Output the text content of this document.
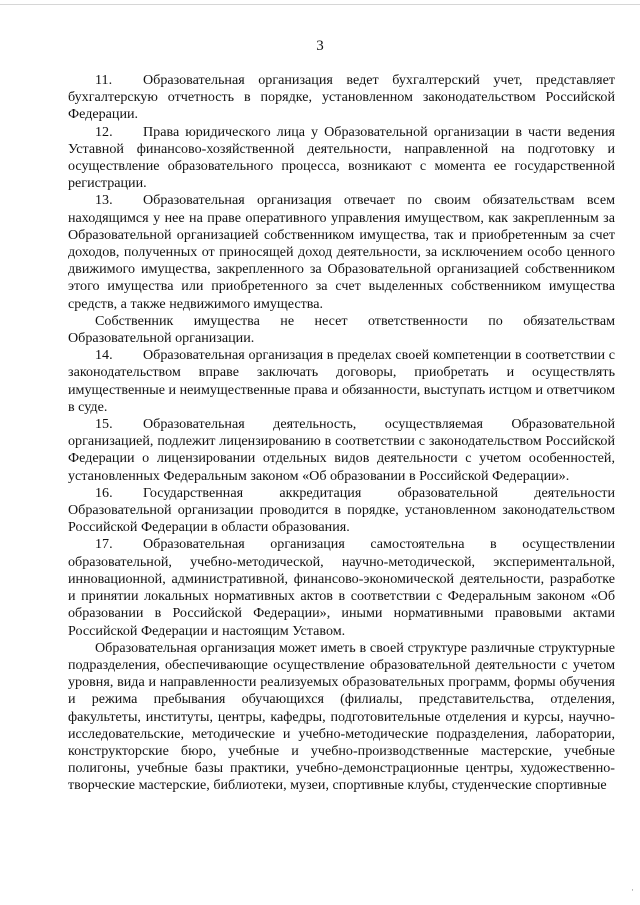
3

11. Образовательная организация ведет бухгалтерский учет, представляет бухгалтерскую отчетность в порядке, установленном законодательством Российской Федерации.

12. Права юридического лица у Образовательной организации в части ведения Уставной финансово-хозяйственной деятельности, направленной на подготовку и осуществление образовательного процесса, возникают с момента ее государственной регистрации.

13. Образовательная организация отвечает по своим обязательствам всем находящимся у нее на праве оперативного управления имуществом, как закрепленным за Образовательной организацией собственником имущества, так и приобретенным за счет доходов, полученных от приносящей доход деятельности, за исключением особо ценного движимого имущества, закрепленного за Образовательной организацией собственником этого имущества или приобретенного за счет выделенных собственником имущества средств, а также недвижимого имущества.

Собственник имущества не несет ответственности по обязательствам Образовательной организации.

14. Образовательная организация в пределах своей компетенции в соответствии с законодательством вправе заключать договоры, приобретать и осуществлять имущественные и неимущественные права и обязанности, выступать истцом и ответчиком в суде.

15. Образовательная деятельность, осуществляемая Образовательной организацией, подлежит лицензированию в соответствии с законодательством Российской Федерации о лицензировании отдельных видов деятельности с учетом особенностей, установленных Федеральным законом «Об образовании в Российской Федерации».

16. Государственная аккредитация образовательной деятельности Образовательной организации проводится в порядке, установленном законодательством Российской Федерации в области образования.

17. Образовательная организация самостоятельна в осуществлении образовательной, учебно-методической, научно-методической, экспериментальной, инновационной, административной, финансово-экономической деятельности, разработке и принятии локальных нормативных актов в соответствии с Федеральным законом «Об образовании в Российской Федерации», иными нормативными правовыми актами Российской Федерации и настоящим Уставом.

Образовательная организация может иметь в своей структуре различные структурные подразделения, обеспечивающие осуществление образовательной деятельности с учетом уровня, вида и направленности реализуемых образовательных программ, формы обучения и режима пребывания обучающихся (филиалы, представительства, отделения, факультеты, институты, центры, кафедры, подготовительные отделения и курсы, научно-исследовательские, методические и учебно-методические подразделения, лаборатории, конструкторские бюро, учебные и учебно-производственные мастерские, учебные полигоны, учебные базы практики, учебно-демонстрационные центры, художественно-творческие мастерские, библиотеки, музеи, спортивные клубы, студенческие спортивные

·
